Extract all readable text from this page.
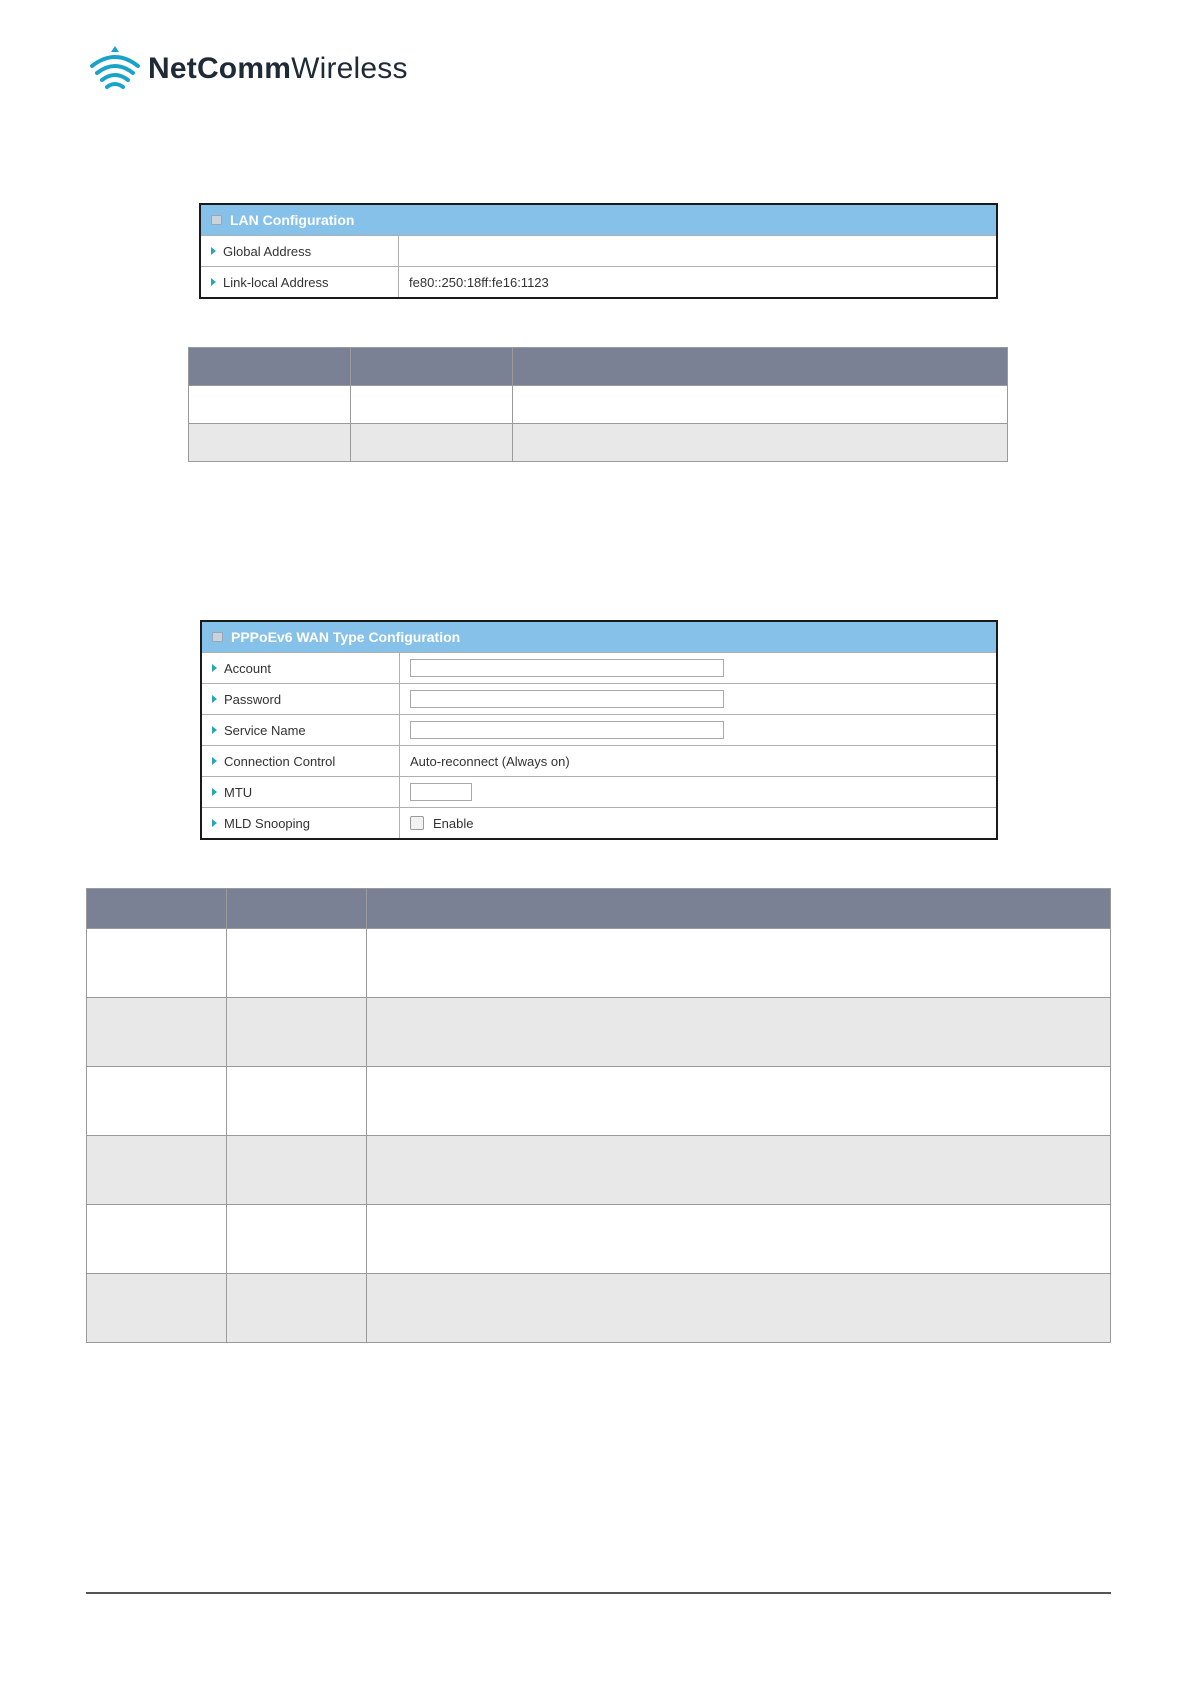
NetCommWireless
LAN Configuration
Global Address
Link-local Address	fe80::250:18ff:fe16:1123

PPPoEv6 WAN Type Configuration
Account
Password
Service Name
Connection Control	Auto-reconnect (Always on)
MTU
MLD Snooping	Enable
